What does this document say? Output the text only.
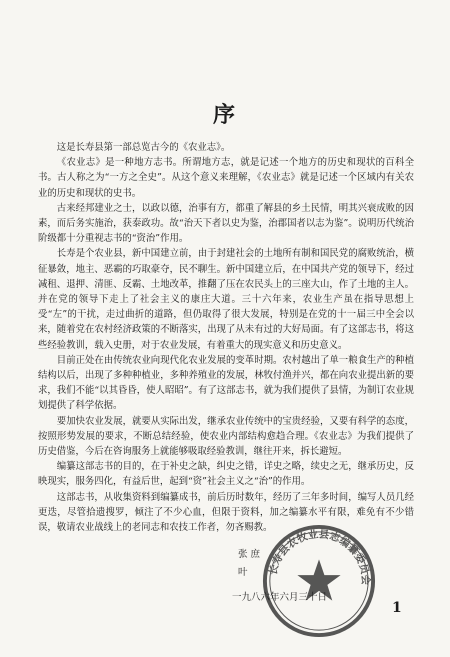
序

这是长寿县第一部总览古今的《农业志》。

《农业志》是一种地方志书。所谓地方志，就是记述一个地方的历史和现状的百科全书。古人称之为“一方之全史”。从这个意义来理解，《农业志》就是记述一个区域内有关农业的历史和现状的史书。

古来经邦建业之士，以政以德，治事有方，都重了解县的乡土民情，明其兴衰成败的因素，而后务实施治，获泰政功。故“治天下者以史为鉴，治郡国者以志为鉴”。说明历代统治阶级都十分重视志书的“资治”作用。

长寿是个农业县，新中国建立前，由于封建社会的土地所有制和国民党的腐败统治，横征暴敛，地主、恶霸的巧取豪夺，民不聊生。新中国建立后，在中国共产党的领导下，经过减租、退押、清匪、反霸、土地改革，推翻了压在农民头上的三座大山，作了土地的主人。并在党的领导下走上了社会主义的康庄大道。三十六年来，农业生产虽在指导思想上受“左”的干扰，走过曲折的道路，但仍取得了很大发展，特别是在党的十一届三中全会以来，随着党在农村经济政策的不断落实，出现了从未有过的大好局面。有了这部志书，将这些经验教训，载入史册，对于农业发展，有着重大的现实意义和历史意义。

目前正处在由传统农业向现代化农业发展的变革时期。农村越出了单一粮食生产的种植结构以后，出现了多种种植业，多种养殖业的发展，林牧付渔并兴，都在向农业提出新的要求，我们不能“以其昏昏，使人昭昭”。有了这部志书，就为我们提供了县情，为制订农业规划提供了科学依据。

要加快农业发展，就要从实际出发，继承农业传统中的宝贵经验，又要有科学的态度，按照形势发展的要求，不断总结经验，使农业内部结构愈趋合理。《农业志》为我们提供了历史借鉴，今后在咨询服务上就能够吸取经验教训，继往开来，拆长避短。

编纂这部志书的目的，在于补史之缺，纠史之错，详史之略，续史之无，继承历史，反映现实，服务四化，有益后世，起到“资”社会主义之“治”的作用。

这部志书，从收集资料到编纂成书，前后历时数年，经历了三年多时间，编写人员几经更迭，尽管拾遗搜罗，倾注了不少心血，但限于资料，加之编纂水平有限，难免有不少错误，敬请农业战线上的老同志和农技工作者，勿吝赐教。

长寿县农牧业县志编纂委员会
张 庶
叶
一九八六年六月三十日
1
